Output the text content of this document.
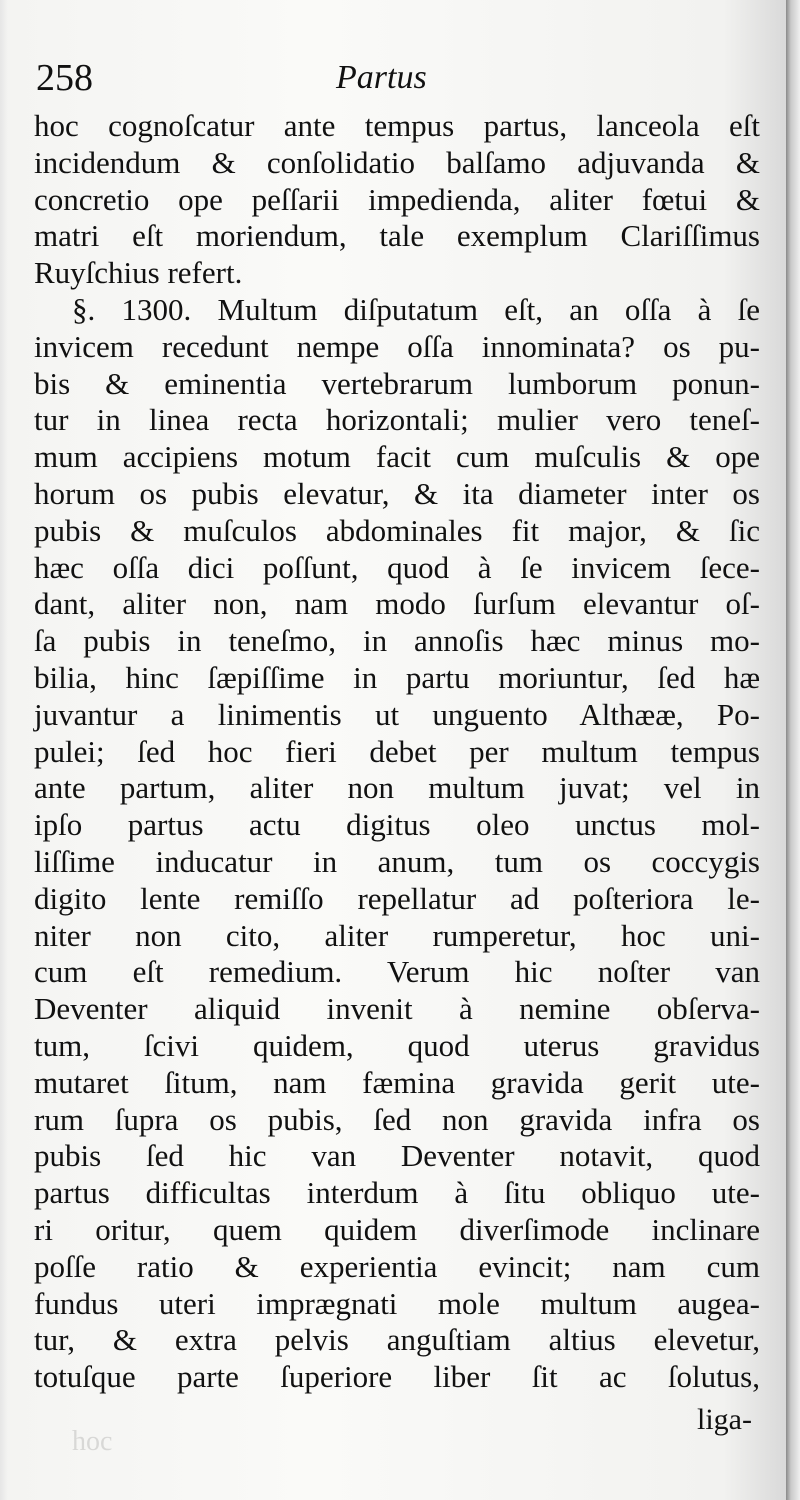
258	Partus
hoc cognoſcatur ante tempus partus, lanceola eſt
incidendum & conſolidatio balſamo adjuvanda &
concretio ope peſſarii impedienda, aliter fœtui &
matri eſt moriendum, tale exemplum Clariſſimus
Ruyſchius refert.
§. 1300. Multum diſputatum eſt, an oſſa à ſe
invicem recedunt nempe oſſa innominata? os pu-
bis & eminentia vertebrarum lumborum ponun-
tur in linea recta horizontali; mulier vero teneſ-
mum accipiens motum facit cum muſculis & ope
horum os pubis elevatur, & ita diameter inter os
pubis & muſculos abdominales fit major, & ſic
hæc oſſa dici poſſunt, quod à ſe invicem ſece-
dant, aliter non, nam modo ſurſum elevantur oſ-
ſa pubis in teneſmo, in annoſis hæc minus mo-
bilia, hinc ſæpiſſime in partu moriuntur, ſed hæ
juvantur a linimentis ut unguento Althææ, Po-
pulei; ſed hoc fieri debet per multum tempus
ante partum, aliter non multum juvat; vel in
ipſo partus actu digitus oleo unctus mol-
liſſime inducatur in anum, tum os coccygis
digito lente remiſſo repellatur ad poſteriora le-
niter non cito, aliter rumperetur, hoc uni-
cum eſt remedium. Verum hic noſter van
Deventer aliquid invenit à nemine obſerva-
tum, ſcivi quidem, quod uterus gravidus
mutaret ſitum, nam fæmina gravida gerit ute-
rum ſupra os pubis, ſed non gravida infra os
pubis ſed hic van Deventer notavit, quod
partus difficultas interdum à ſitu obliquo ute-
ri oritur, quem quidem diverſimode inclinare
poſſe ratio & experientia evincit; nam cum
fundus uteri imprægnati mole multum augea-
tur, & extra pelvis anguſtiam altius elevetur,
totuſque parte ſuperiore liber ſit ac ſolutus,
liga-
hoc
